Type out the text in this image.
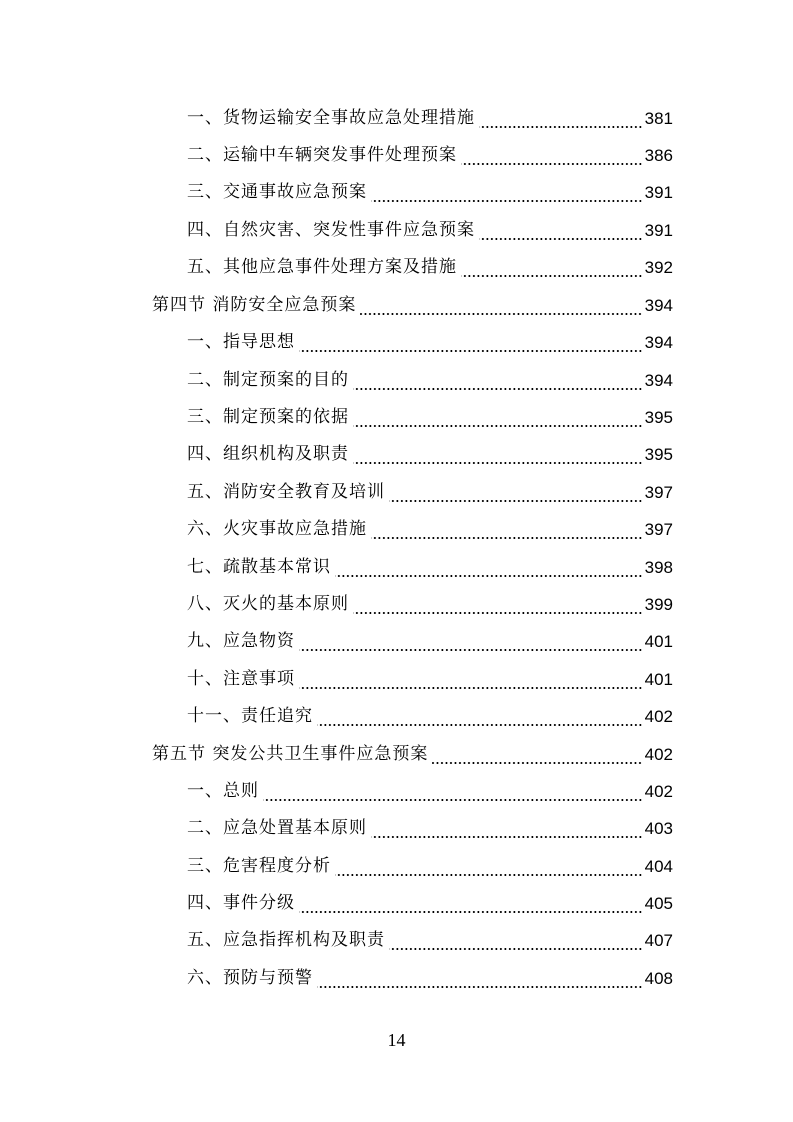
一、货物运输安全事故应急处理措施	381
二、运输中车辆突发事件处理预案	386
三、交通事故应急预案	391
四、自然灾害、突发性事件应急预案	391
五、其他应急事件处理方案及措施	392
第四节 消防安全应急预案	394
一、指导思想	394
二、制定预案的目的	394
三、制定预案的依据	395
四、组织机构及职责	395
五、消防安全教育及培训	397
六、火灾事故应急措施	397
七、疏散基本常识	398
八、灭火的基本原则	399
九、应急物资	401
十、注意事项	401
十一、责任追究	402
第五节 突发公共卫生事件应急预案	402
一、总则	402
二、应急处置基本原则	403
三、危害程度分析	404
四、事件分级	405
五、应急指挥机构及职责	407
六、预防与预警	408
14
